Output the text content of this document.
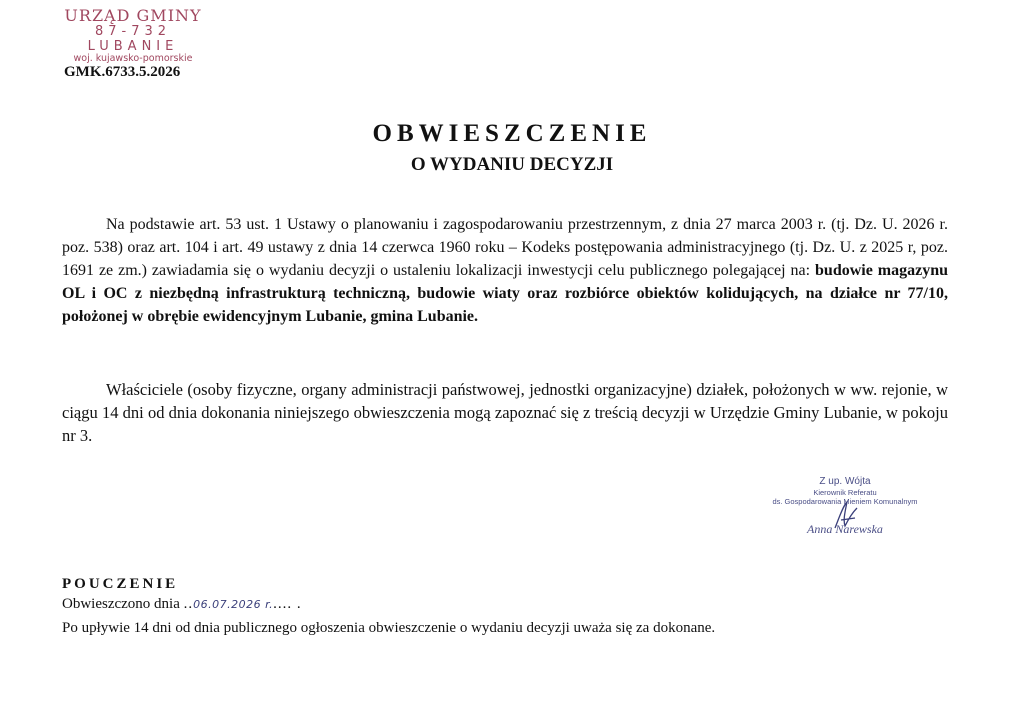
URZĄD GMINY
87-732 LUBANIE
woj. kujawsko-pomorskie
GMK.6733.5.2026
OBWIESZCZENIE
O WYDANIU DECYZJI
Na podstawie art. 53 ust. 1 Ustawy o planowaniu i zagospodarowaniu przestrzennym, z dnia 27 marca 2003 r. (tj. Dz. U. 2026 r. poz. 538) oraz art. 104 i art. 49 ustawy z dnia 14 czerwca 1960 roku – Kodeks postępowania administracyjnego (tj. Dz. U. z 2025 r, poz. 1691 ze zm.) zawiadamia się o wydaniu decyzji o ustaleniu lokalizacji inwestycji celu publicznego polegającej na: budowie magazynu OL i OC z niezbędną infrastrukturą techniczną, budowie wiaty oraz rozbiórce obiektów kolidujących, na działce nr 77/10, położonej w obrębie ewidencyjnym Lubanie, gmina Lubanie.
Właściciele (osoby fizyczne, organy administracji państwowej, jednostki organizacyjne) działek, położonych w ww. rejonie, w ciągu 14 dni od dnia dokonania niniejszego obwieszczenia mogą zapoznać się z treścią decyzji w Urzędzie Gminy Lubanie, w pokoju nr 3.
Z up. Wójta
Kierownik Referatu
ds. Gospodarowania Mieniem Komunalnym
Anna Narewska
POUCZENIE
Obwieszczono dnia ..06.07.2026 r..... .
Po upływie 14 dni od dnia publicznego ogłoszenia obwieszczenie o wydaniu decyzji uważa się za dokonane.
